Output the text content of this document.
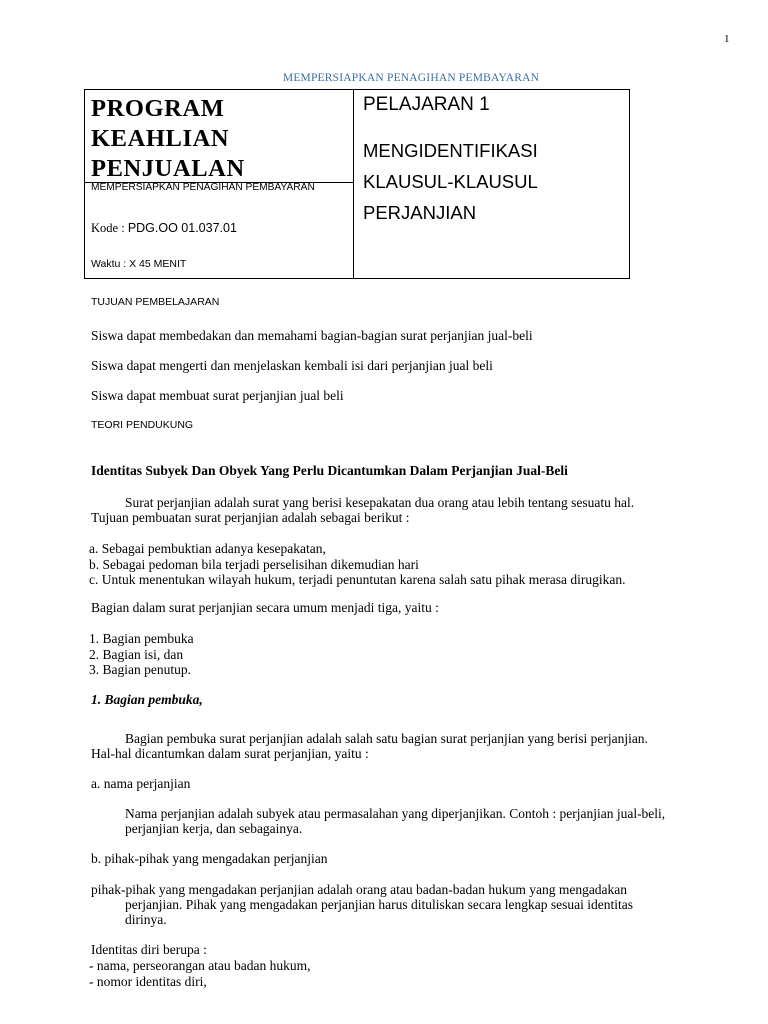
1
MEMPERSIAPKAN PENAGIHAN PEMBAYARAN
PROGRAM
KEAHLIAN
PENJUALAN
MEMPERSIAPKAN PENAGIHAN PEMBAYARAN
Kode : PDG.OO 01.037.01
Waktu : X 45 MENIT
PELAJARAN 1
MENGIDENTIFIKASI
KLAUSUL-KLAUSUL
PERJANJIAN
TUJUAN PEMBELAJARAN
Siswa dapat membedakan dan memahami bagian-bagian surat perjanjian jual-beli
Siswa dapat mengerti dan menjelaskan kembali isi dari perjanjian jual beli
Siswa dapat membuat surat perjanjian jual beli
TEORI PENDUKUNG
Identitas Subyek Dan Obyek Yang Perlu Dicantumkan Dalam Perjanjian Jual-Beli
Surat perjanjian adalah surat yang berisi kesepakatan dua orang atau lebih tentang sesuatu hal.
Tujuan pembuatan surat perjanjian adalah sebagai berikut :
a. Sebagai pembuktian adanya kesepakatan,
b. Sebagai pedoman bila terjadi perselisihan dikemudian hari
c. Untuk menentukan wilayah hukum, terjadi penuntutan karena salah satu pihak merasa dirugikan.
Bagian dalam surat perjanjian secara umum menjadi tiga, yaitu :
1. Bagian pembuka
2. Bagian isi, dan
3. Bagian penutup.
1. Bagian pembuka,
Bagian pembuka surat perjanjian adalah salah satu bagian surat perjanjian yang berisi perjanjian.
Hal-hal dicantumkan dalam surat perjanjian, yaitu :
a. nama perjanjian
Nama perjanjian adalah subyek atau permasalahan yang diperjanjikan. Contoh : perjanjian jual-beli,
perjanjian kerja, dan sebagainya.
b. pihak-pihak yang mengadakan perjanjian
pihak-pihak yang mengadakan perjanjian adalah orang atau badan-badan hukum yang mengadakan
perjanjian. Pihak yang mengadakan perjanjian harus dituliskan secara lengkap sesuai identitas
dirinya.
Identitas diri berupa :
- nama, perseorangan atau badan hukum,
- nomor identitas diri,
